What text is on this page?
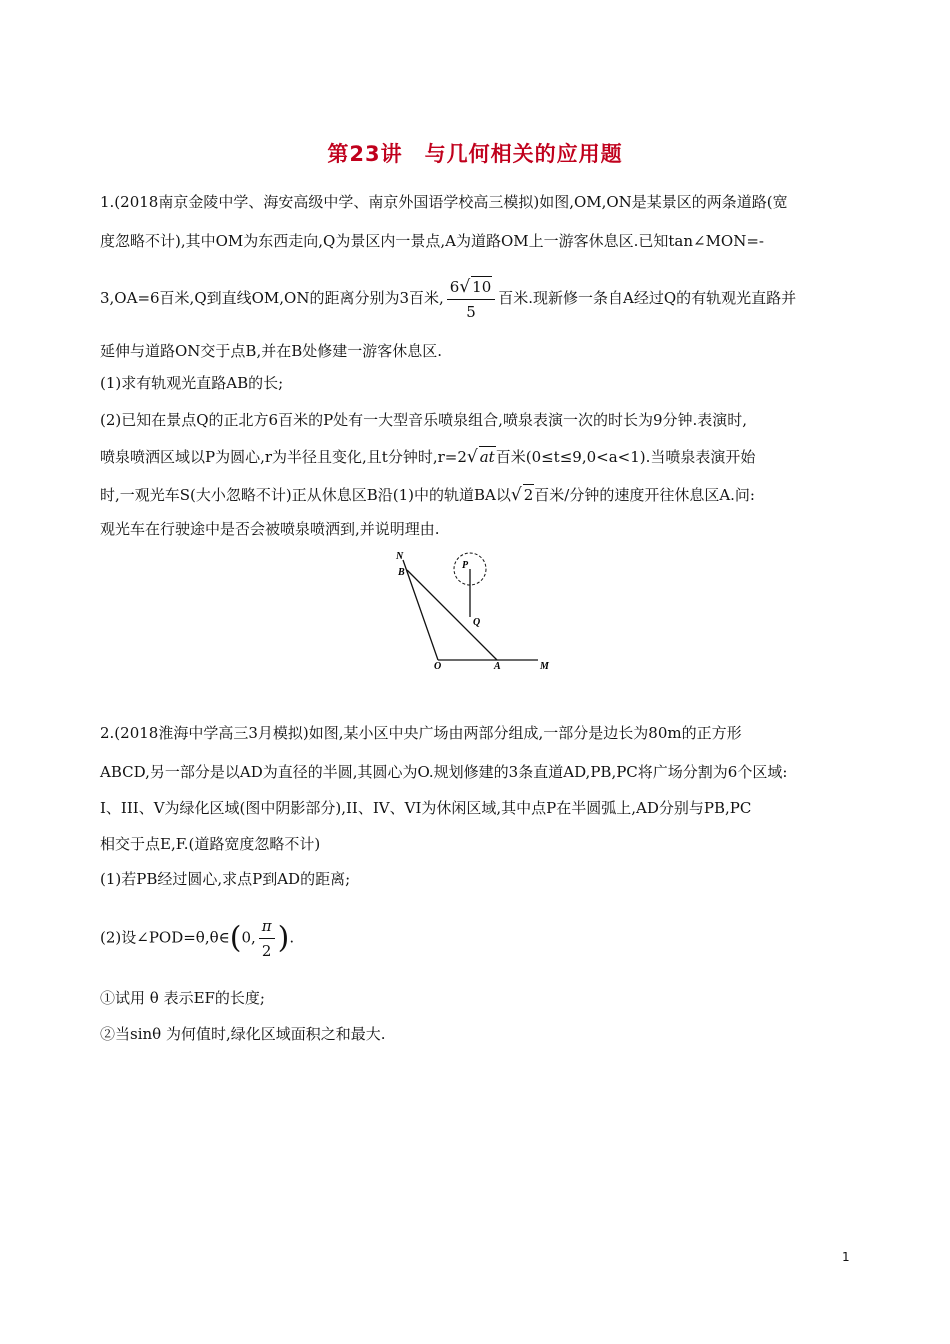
第23讲　与几何相关的应用题
1.(2018南京金陵中学、海安高级中学、南京外国语学校高三模拟)如图,OM,ON是某景区的两条道路(宽
度忽略不计),其中OM为东西走向,Q为景区内一景点,A为道路OM上一游客休息区.已知tan∠MON=-
3,OA=6百米,Q到直线OM,ON的距离分别为3百米, $\frac{6√ 10}{5}$ 百米.现新修一条自A经过Q的有轨观光直路并
延伸与道路ON交于点B,并在B处修建一游客休息区.
(1)求有轨观光直路AB的长;
(2)已知在景点Q的正北方6百米的P处有一大型音乐喷泉组合,喷泉表演一次的时长为9分钟.表演时,
喷泉喷洒区域以P为圆心,r为半径且变化,且t分钟时,r=2√ at百米(0≤t≤9,0<a<1).当喷泉表演开始
时,一观光车S(大小忽略不计)正从休息区B沿(1)中的轨道BA以√ 2百米/分钟的速度开往休息区A.问:
观光车在行驶途中是否会被喷泉喷洒到,并说明理由.
N
B
P
Q
O	A	M
2.(2018淮海中学高三3月模拟)如图,某小区中央广场由两部分组成,一部分是边长为80m的正方形
ABCD,另一部分是以AD为直径的半圆,其圆心为O.规划修建的3条直道AD,PB,PC将广场分割为6个区域:
I、III、V为绿化区域(图中阴影部分),II、IV、VI为休闲区域,其中点P在半圆弧上,AD分别与PB,PC
相交于点E,F.(道路宽度忽略不计)
(1)若PB经过圆心,求点P到AD的距离;
(2)设∠POD=θ,θ∈(0, $\frac{\pi}{2}$ ).
①试用 θ 表示EF的长度;
②当sinθ 为何值时,绿化区域面积之和最大.
1
